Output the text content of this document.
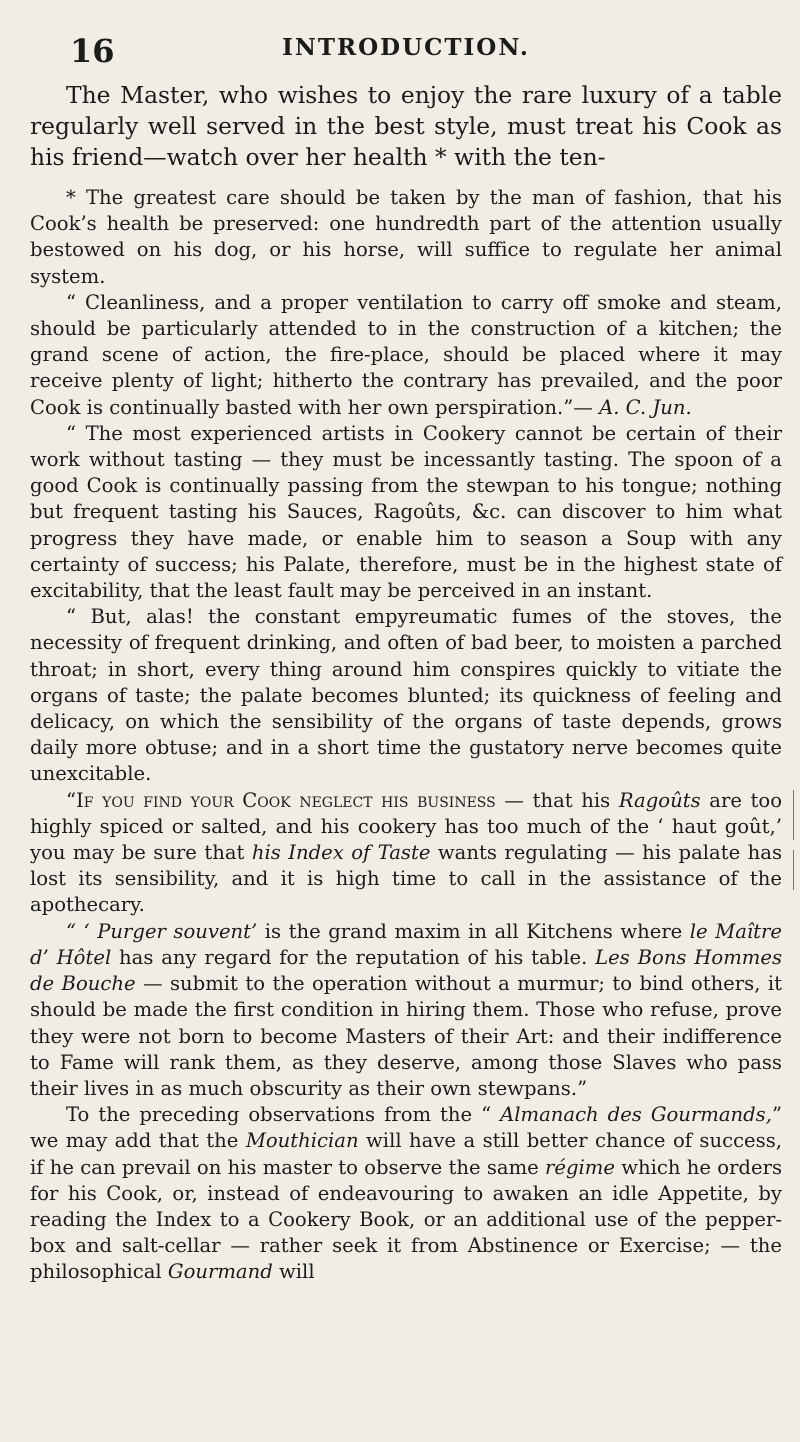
16	INTRODUCTION.

The Master, who wishes to enjoy the rare luxury of a table regularly well served in the best style, must treat his Cook as his friend—watch over her health * with the ten-

* The greatest care should be taken by the man of fashion, that his Cook’s health be preserved: one hundredth part of the attention usually bestowed on his dog, or his horse, will suffice to regulate her animal system.

“ Cleanliness, and a proper ventilation to carry off smoke and steam, should be particularly attended to in the construction of a kitchen; the grand scene of action, the fire-place, should be placed where it may receive plenty of light; hitherto the contrary has prevailed, and the poor Cook is continually basted with her own perspiration.”— A. C. Jun.

“ The most experienced artists in Cookery cannot be certain of their work without tasting — they must be incessantly tasting. The spoon of a good Cook is continually passing from the stewpan to his tongue; nothing but frequent tasting his Sauces, Ragoûts, &c. can discover to him what progress they have made, or enable him to season a Soup with any certainty of success; his Palate, therefore, must be in the highest state of excitability, that the least fault may be perceived in an instant.

“ But, alas! the constant empyreumatic fumes of the stoves, the necessity of frequent drinking, and often of bad beer, to moisten a parched throat; in short, every thing around him conspires quickly to vitiate the organs of taste; the palate becomes blunted; its quickness of feeling and delicacy, on which the sensibility of the organs of taste depends, grows daily more obtuse; and in a short time the gustatory nerve becomes quite unexcitable.

“If you find your Cook neglect his business — that his Ragoûts are too highly spiced or salted, and his cookery has too much of the ‘ haut goût,’ you may be sure that his Index of Taste wants regulating — his palate has lost its sensibility, and it is high time to call in the assistance of the apothecary.

“ ‘ Purger souvent’ is the grand maxim in all Kitchens where le Maître d’ Hôtel has any regard for the reputation of his table. Les Bons Hommes de Bouche — submit to the operation without a murmur; to bind others, it should be made the first condition in hiring them. Those who refuse, prove they were not born to become Masters of their Art: and their indifference to Fame will rank them, as they deserve, among those Slaves who pass their lives in as much obscurity as their own stewpans.”

To the preceding observations from the “ Almanach des Gourmands,” we may add that the Mouthician will have a still better chance of success, if he can prevail on his master to observe the same régime which he orders for his Cook, or, instead of endeavouring to awaken an idle Appetite, by reading the Index to a Cookery Book, or an additional use of the pepper-box and salt-cellar — rather seek it from Abstinence or Exercise; — the philosophical Gourmand will
